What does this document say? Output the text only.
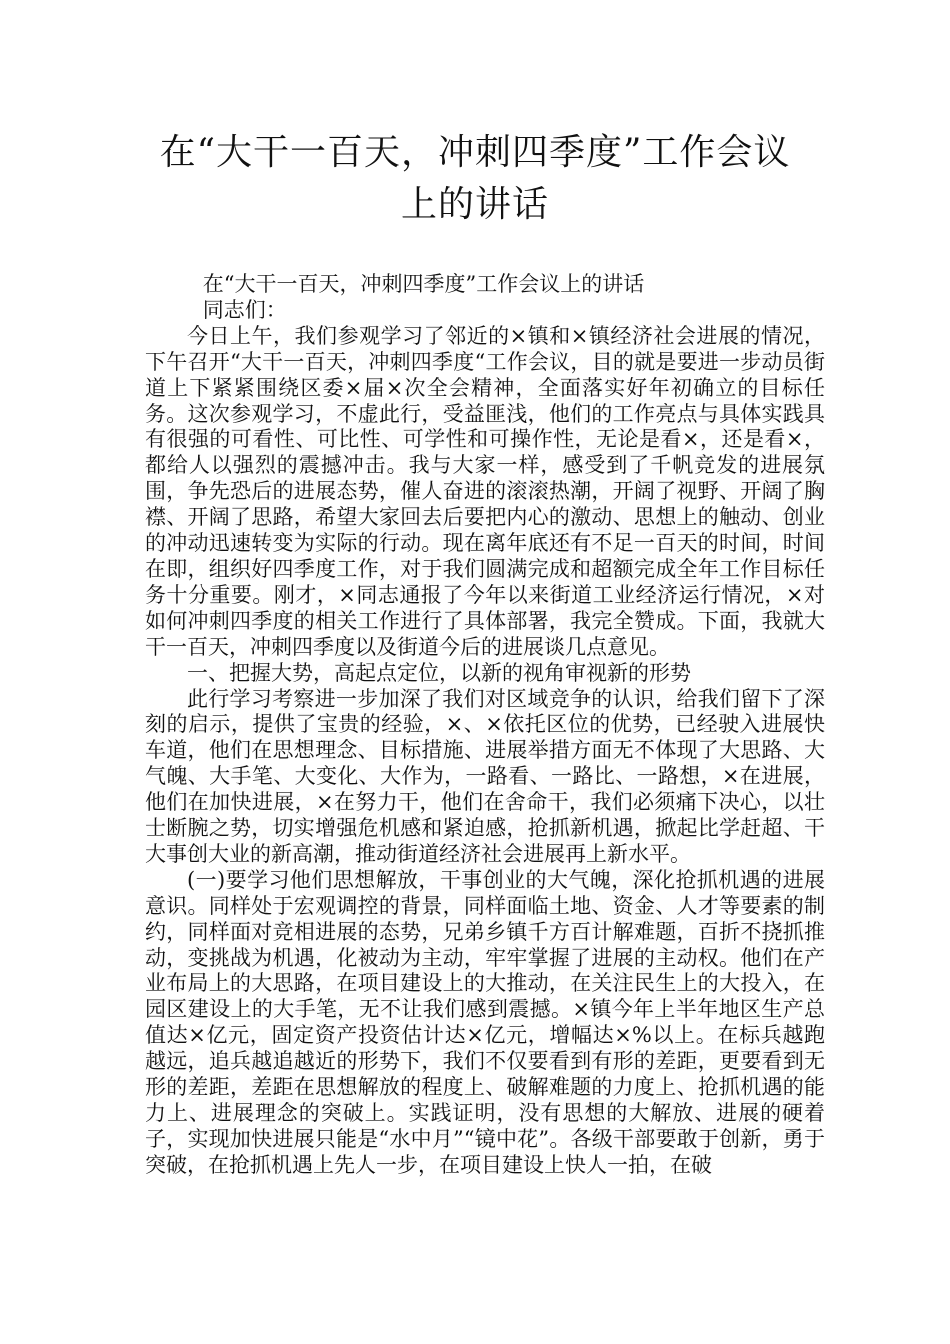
在“大干一百天，冲刺四季度”工作会议
上的讲话

在“大干一百天，冲刺四季度”工作会议上的讲话

同志们：

今日上午，我们参观学习了邻近的×镇和×镇经济社会进展的情况，下午召开“大干一百天，冲刺四季度“工作会议，目的就是要进一步动员街道上下紧紧围绕区委×届×次全会精神，全面落实好年初确立的目标任务。这次参观学习，不虚此行，受益匪浅，他们的工作亮点与具体实践具有很强的可看性、可比性、可学性和可操作性，无论是看×，还是看×，都给人以强烈的震撼冲击。我与大家一样，感受到了千帆竞发的进展氛围，争先恐后的进展态势，催人奋进的滚滚热潮，开阔了视野、开阔了胸襟、开阔了思路，希望大家回去后要把内心的激动、思想上的触动、创业的冲动迅速转变为实际的行动。现在离年底还有不足一百天的时间，时间在即，组织好四季度工作，对于我们圆满完成和超额完成全年工作目标任务十分重要。刚才，×同志通报了今年以来街道工业经济运行情况，×对如何冲刺四季度的相关工作进行了具体部署，我完全赞成。下面，我就大干一百天，冲刺四季度以及街道今后的进展谈几点意见。

一、把握大势，高起点定位，以新的视角审视新的形势

此行学习考察进一步加深了我们对区域竞争的认识，给我们留下了深刻的启示，提供了宝贵的经验，×、×依托区位的优势，已经驶入进展快车道，他们在思想理念、目标措施、进展举措方面无不体现了大思路、大气魄、大手笔、大变化、大作为，一路看、一路比、一路想，×在进展，他们在加快进展，×在努力干，他们在舍命干，我们必须痛下决心，以壮士断腕之势，切实增强危机感和紧迫感，抢抓新机遇，掀起比学赶超、干大事创大业的新高潮，推动街道经济社会进展再上新水平。

(一)要学习他们思想解放，干事创业的大气魄，深化抢抓机遇的进展意识。同样处于宏观调控的背景，同样面临土地、资金、人才等要素的制约，同样面对竞相进展的态势，兄弟乡镇千方百计解难题，百折不挠抓推动，变挑战为机遇，化被动为主动，牢牢掌握了进展的主动权。他们在产业布局上的大思路，在项目建设上的大推动，在关注民生上的大投入，在园区建设上的大手笔，无不让我们感到震撼。×镇今年上半年地区生产总值达×亿元，固定资产投资估计达×亿元，增幅达×%以上。在标兵越跑越远，追兵越追越近的形势下，我们不仅要看到有形的差距，更要看到无形的差距，差距在思想解放的程度上、破解难题的力度上、抢抓机遇的能力上、进展理念的突破上。实践证明，没有思想的大解放、进展的硬着子，实现加快进展只能是“水中月”“镜中花”。各级干部要敢于创新，勇于突破，在抢抓机遇上先人一步，在项目建设上快人一拍，在破
